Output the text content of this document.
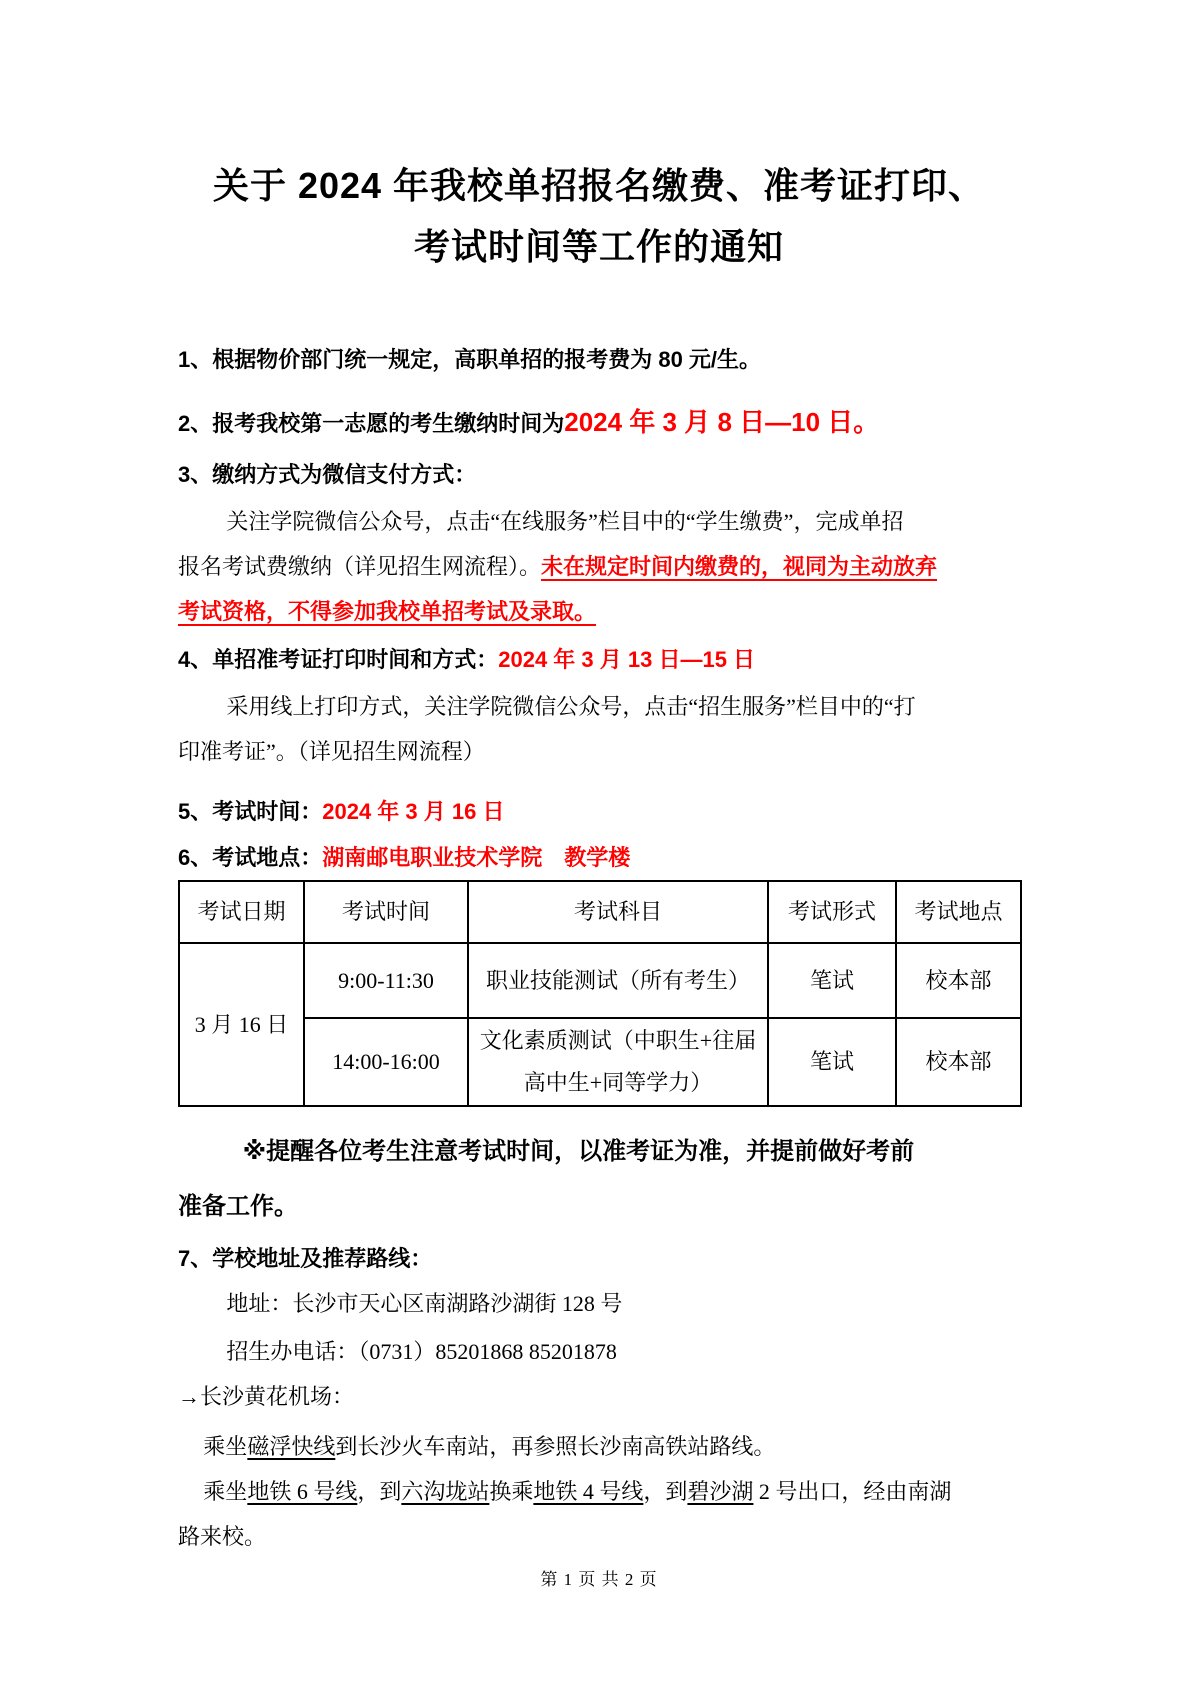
关于 2024 年我校单招报名缴费、准考证打印、
考试时间等工作的通知

1、根据物价部门统一规定，高职单招的报考费为 80 元/生。

2、报考我校第一志愿的考生缴纳时间为2024 年 3 月 8 日—10 日。

3、缴纳方式为微信支付方式：

关注学院微信公众号，点击“在线服务”栏目中的“学生缴费”，完成单招

报名考试费缴纳（详见招生网流程）。未在规定时间内缴费的，视同为主动放弃

考试资格，不得参加我校单招考试及录取。

4、单招准考证打印时间和方式：2024 年 3 月 13 日—15 日

采用线上打印方式，关注学院微信公众号，点击“招生服务”栏目中的“打

印准考证”。（详见招生网流程）

5、考试时间：2024 年 3 月 16 日

6、考试地点：湖南邮电职业技术学院　教学楼

考试日期	考试时间	考试科目	考试形式	考试地点
3 月 16 日	9:00-11:30	职业技能测试（所有考生）	笔试	校本部
	14:00-16:00	文化素质测试（中职生+往届
高中生+同等学力）	笔试	校本部

※提醒各位考生注意考试时间，以准考证为准，并提前做好考前

准备工作。

7、学校地址及推荐路线：

地址：长沙市天心区南湖路沙湖街 128 号

招生办电话：（0731）85201868 85201878

→长沙黄花机场：

乘坐磁浮快线到长沙火车南站，再参照长沙南高铁站路线。

乘坐地铁 6 号线，到六沟垅站换乘地铁 4 号线，到碧沙湖 2 号出口，经由南湖

路来校。

第 1 页 共 2 页
